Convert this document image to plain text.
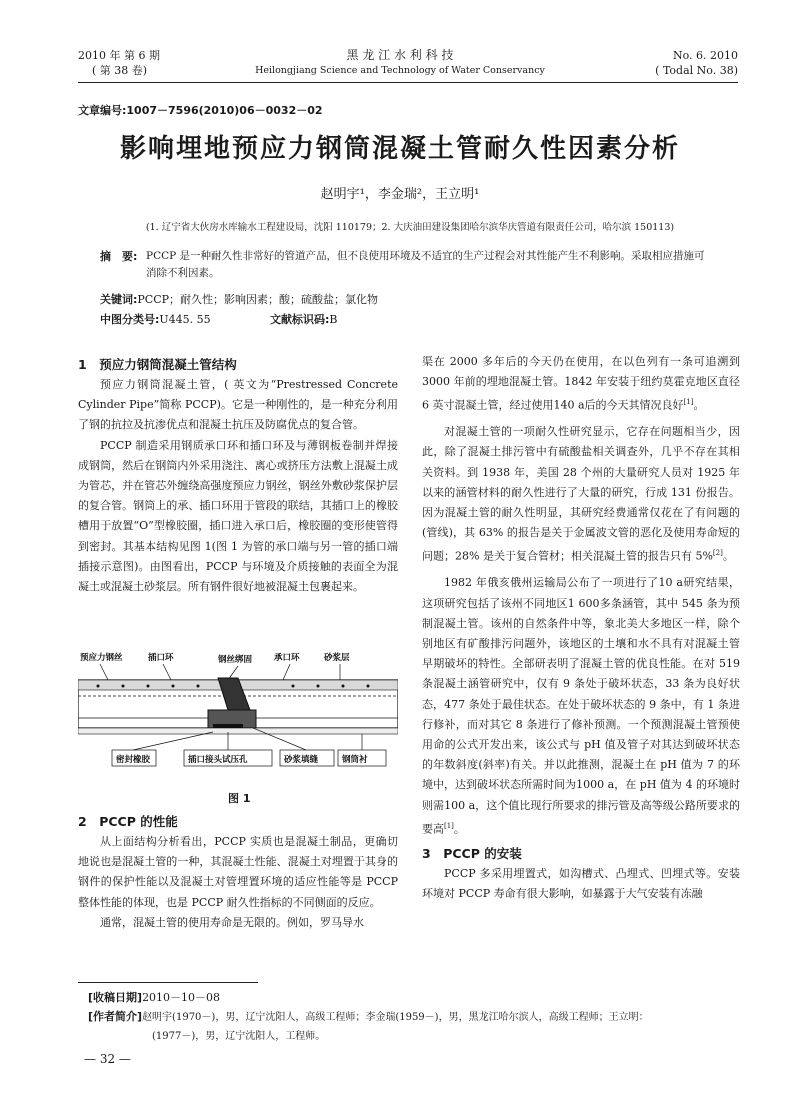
2010 年 第 6 期
( 第 38 卷)
黑 龙 江 水 利 科 技
Heilongjiang Science and Technology of Water Conservancy
No. 6. 2010
( Todal No. 38)
文章编号:1007－7596(2010)06－0032－02
影响埋地预应力钢筒混凝土管耐久性因素分析
赵明宇¹，李金瑞²，王立明¹
(1. 辽宁省大伙房水库输水工程建设局，沈阳 110179；2. 大庆油田建设集团哈尔滨华庆管道有限责任公司，哈尔滨 150113)
摘　要: PCCP 是一种耐久性非常好的管道产品，但不良使用环境及不适宜的生产过程会对其性能产生不利影响。采取相应措施可
消除不利因素。
关键词:PCCP；耐久性；影响因素；酸；硫酸盐；氯化物
中图分类号:U445. 55	文献标识码:B
1　预应力钢筒混凝土管结构

预应力钢筒混凝土管，( 英文为“Prestressed Concrete Cylinder Pipe”简称 PCCP)。它是一种刚性的，是一种充分利用了钢的抗拉及抗渗优点和混凝土抗压及防腐优点的复合管。

PCCP 制造采用钢质承口环和插口环及与薄钢板卷制并焊接成钢筒，然后在钢筒内外采用浇注、离心或挤压方法敷上混凝土成为管芯，并在管芯外缠绕高强度预应力钢丝，钢丝外敷砂浆保护层的复合管。钢筒上的承、插口环用于管段的联结，其插口上的橡胶槽用于放置“O”型橡胶圈，插口进入承口后，橡胶圈的变形使管得到密封。其基本结构见图 1(图 1 为管的承口端与另一管的插口端插接示意图)。由图看出，PCCP 与环境及介质接触的表面全为混凝土或混凝土砂浆层。所有钢件很好地被混凝土包裹起来。

预应力钢丝	插口环	钢丝绑固	承口环	砂浆层
密封橡胶	插口接头试压孔	砂浆填缝	钢筒衬
图 1
2　PCCP 的性能

从上面结构分析看出，PCCP 实质也是混凝土制品，更确切地说也是混凝土管的一种，其混凝土性能、混凝土对埋置于其身的钢件的保护性能以及混凝土对管埋置环境的适应性能等是 PCCP 整体性能的体现，也是 PCCP 耐久性指标的不同侧面的反应。

通常，混凝土管的使用寿命是无限的。例如，罗马导水

渠在 2000 多年后的今天仍在使用，在以色列有一条可追溯到 3000 年前的埋地混凝土管。1842 年安装于纽约莫霍克地区直径 6 英寸混凝土管，经过使用140 a后的今天其情况良好[1]。

对混凝土管的一项耐久性研究显示，它存在问题相当少，因此，除了混凝土排污管中有硫酸盐相关调查外，几乎不存在其相关资料。到 1938 年，美国 28 个州的大量研究人员对 1925 年以来的涵管材料的耐久性进行了大量的研究，行成 131 份报告。因为混凝土管的耐久性明显，其研究经费通常仅花在了有问题的(管线)，其 63% 的报告是关于金属波文管的恶化及使用寿命短的问题；28% 是关于复合管材；相关混凝土管的报告只有 5%[2]。

1982 年俄亥俄州运输局公布了一项进行了10 a研究结果，这项研究包括了该州不同地区1 600多条涵管，其中 545 条为预制混凝土管。该州的自然条件中等，象北美大多地区一样，除个别地区有矿酸排污问题外，该地区的土壤和水不具有对混凝土管早期破坏的特性。全部研表明了混凝土管的优良性能。在对 519 条混凝土涵管研究中，仅有 9 条处于破坏状态，33 条为良好状态，477 条处于最佳状态。在处于破坏状态的 9 条中，有 1 条进行修补，而对其它 8 条进行了修补预测。一个预测混凝土管预使用命的公式开发出来，该公式与 pH 值及管子对其达到破坏状态的年数斜度(斜率)有关。并以此推测，混凝土在 pH 值为 7 的环境中，达到破坏状态所需时间为1000 a，在 pH 值为 4 的环境时则需100 a，这个值比现行所要求的排污管及高等级公路所要求的要高[1]。

3　PCCP 的安装

PCCP 多采用埋置式，如沟槽式、凸埋式、凹埋式等。安装环境对 PCCP 寿命有很大影响，如暴露于大气安装有冻融

[收稿日期]2010－10－08
[作者简介]赵明宇(1970－)，男，辽宁沈阳人，高级工程师；李金瑞(1959－)，男，黑龙江哈尔滨人，高级工程师；王立明：
(1977－)，男，辽宁沈阳人，工程师。
— 32 —
